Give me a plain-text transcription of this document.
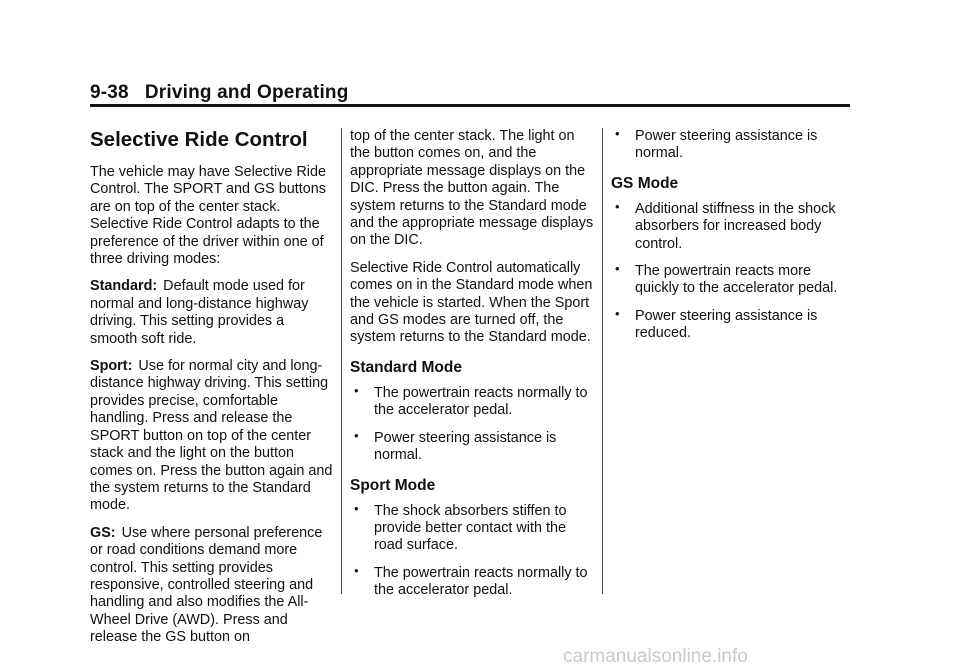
9-38 Driving and Operating
Selective Ride Control

The vehicle may have Selective Ride Control. The SPORT and GS buttons are on top of the center stack. Selective Ride Control adapts to the preference of the driver within one of three driving modes:

Standard: Default mode used for normal and long-distance highway driving. This setting provides a smooth soft ride.

Sport: Use for normal city and long-distance highway driving. This setting provides precise, comfortable handling. Press and release the SPORT button on top of the center stack and the light on the button comes on. Press the button again and the system returns to the Standard mode.

GS: Use where personal preference or road conditions demand more control. This setting provides responsive, controlled steering and handling and also modifies the All-Wheel Drive (AWD). Press and release the GS button on

top of the center stack. The light on the button comes on, and the appropriate message displays on the DIC. Press the button again. The system returns to the Standard mode and the appropriate message displays on the DIC.

Selective Ride Control automatically comes on in the Standard mode when the vehicle is started. When the Sport and GS modes are turned off, the system returns to the Standard mode.

Standard Mode
• The powertrain reacts normally to the accelerator pedal.
• Power steering assistance is normal.
Sport Mode
• The shock absorbers stiffen to provide better contact with the road surface.
• The powertrain reacts normally to the accelerator pedal.
• Power steering assistance is normal.
GS Mode
• Additional stiffness in the shock absorbers for increased body control.
• The powertrain reacts more quickly to the accelerator pedal.
• Power steering assistance is reduced.
carmanualsonline.info
